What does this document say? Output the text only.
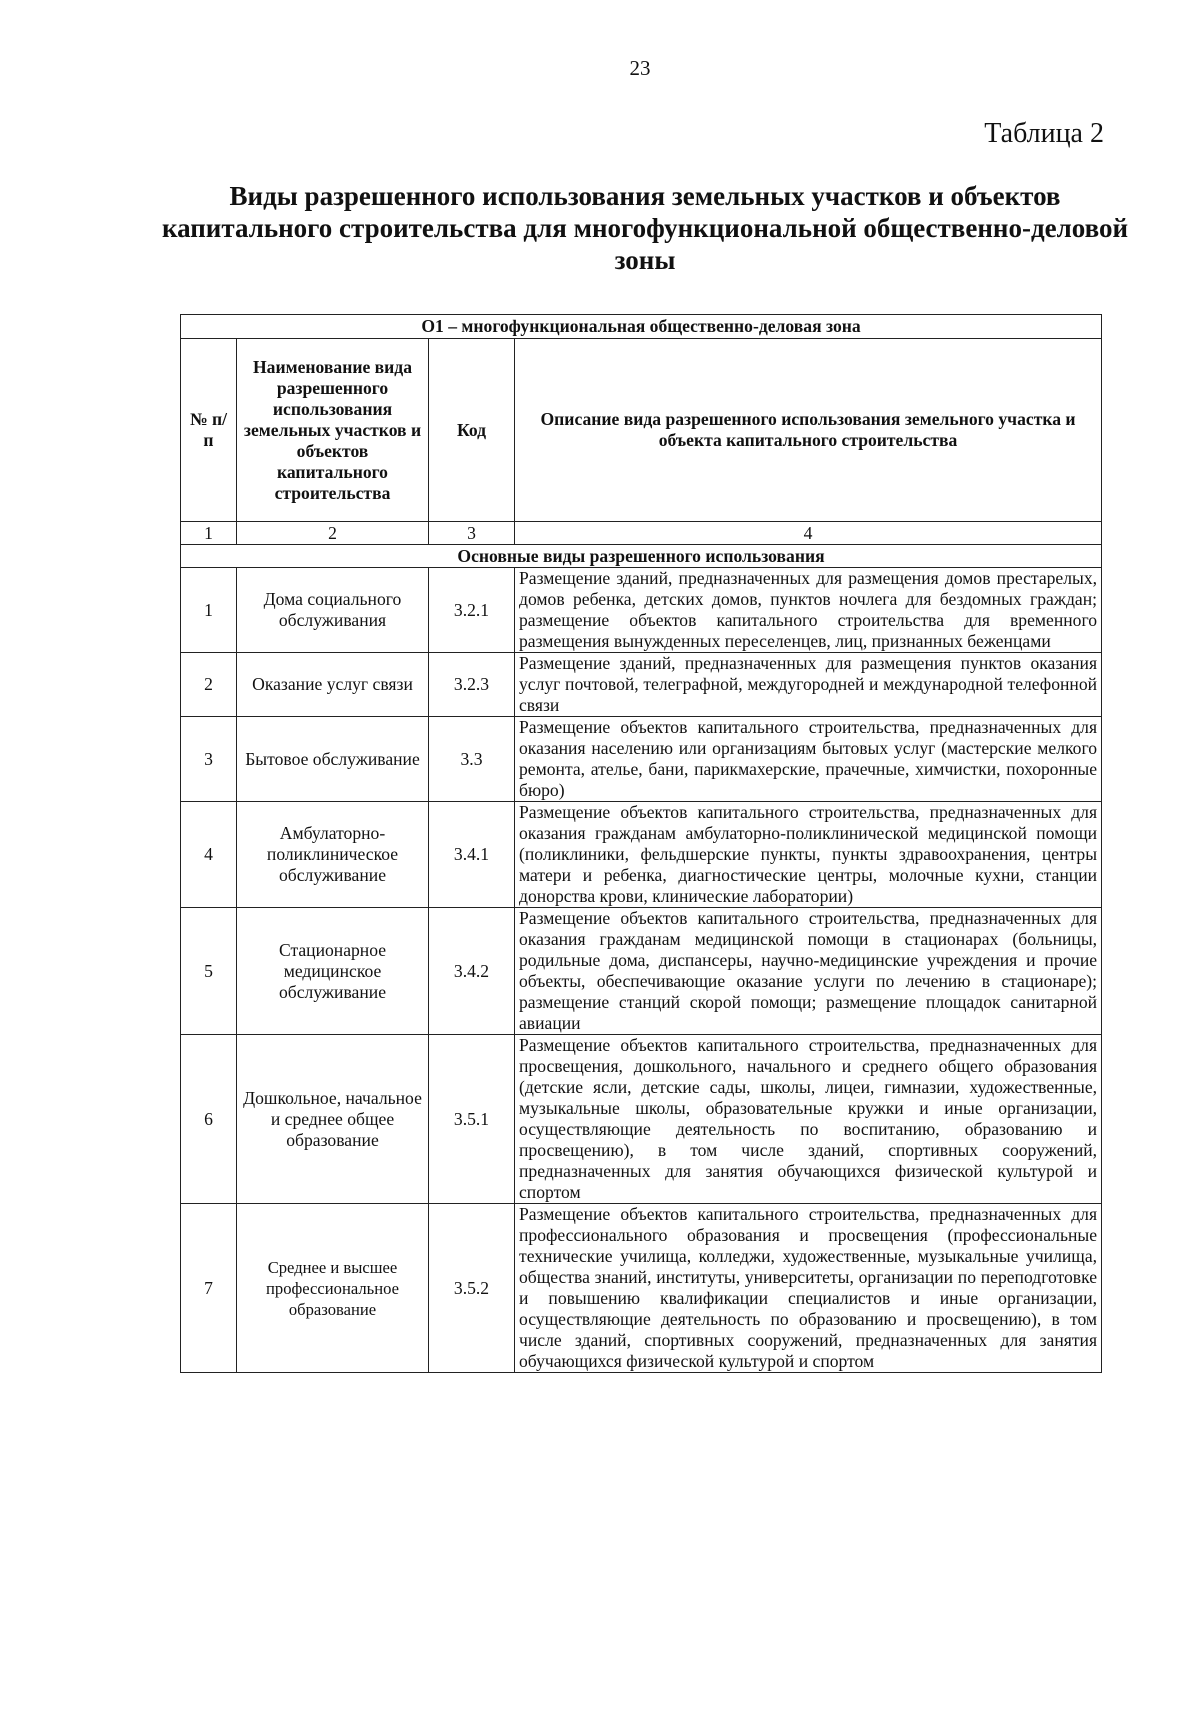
23
Таблица 2
Виды разрешенного использования земельных участков и объектов капитального строительства для многофункциональной общественно-деловой зоны
О1 – многофункциональная общественно-деловая зона			
№ п/п	Наименование вида разрешенного использования земельных участков и объектов капитального строительства	Код	Описание вида разрешенного использования земельного участка и объекта капитального строительства
1	2	3	4
Основные виды разрешенного использования			
1	Дома социального обслуживания	3.2.1	Размещение зданий, предназначенных для размещения домов престарелых, домов ребенка, детских домов, пунктов ночлега для бездомных граждан; размещение объектов капитального строительства для временного размещения вынужденных переселенцев, лиц, признанных беженцами
2	Оказание услуг связи	3.2.3	Размещение зданий, предназначенных для размещения пунктов оказания услуг почтовой, телеграфной, междугородней и международной телефонной связи
3	Бытовое обслуживание	3.3	Размещение объектов капитального строительства, предназначенных для оказания населению или организациям бытовых услуг (мастерские мелкого ремонта, ателье, бани, парикмахерские, прачечные, химчистки, похоронные бюро)
4	Амбулаторно-поликлиническое обслуживание	3.4.1	Размещение объектов капитального строительства, предназначенных для оказания гражданам амбулаторно-поликлинической медицинской помощи (поликлиники, фельдшерские пункты, пункты здравоохранения, центры матери и ребенка, диагностические центры, молочные кухни, станции донорства крови, клинические лаборатории)
5	Стационарное медицинское обслуживание	3.4.2	Размещение объектов капитального строительства, предназначенных для оказания гражданам медицинской помощи в стационарах (больницы, родильные дома, диспансеры, научно-медицинские учреждения и прочие объекты, обеспечивающие оказание услуги по лечению в стационаре); размещение станций скорой помощи; размещение площадок санитарной авиации
6	Дошкольное, начальное и среднее общее образование	3.5.1	Размещение объектов капитального строительства, предназначенных для просвещения, дошкольного, начального и среднего общего образования (детские ясли, детские сады, школы, лицеи, гимназии, художественные, музыкальные школы, образовательные кружки и иные организации, осуществляющие деятельность по воспитанию, образованию и просвещению), в том числе зданий, спортивных сооружений, предназначенных для занятия обучающихся физической культурой и спортом
7	Среднее и высшее профессиональное образование	3.5.2	Размещение объектов капитального строительства, предназначенных для профессионального образования и просвещения (профессиональные технические училища, колледжи, художественные, музыкальные училища, общества знаний, институты, университеты, организации по переподготовке и повышению квалификации специалистов и иные организации, осуществляющие деятельность по образованию и просвещению), в том числе зданий, спортивных сооружений, предназначенных для занятия обучающихся физической культурой и спортом
